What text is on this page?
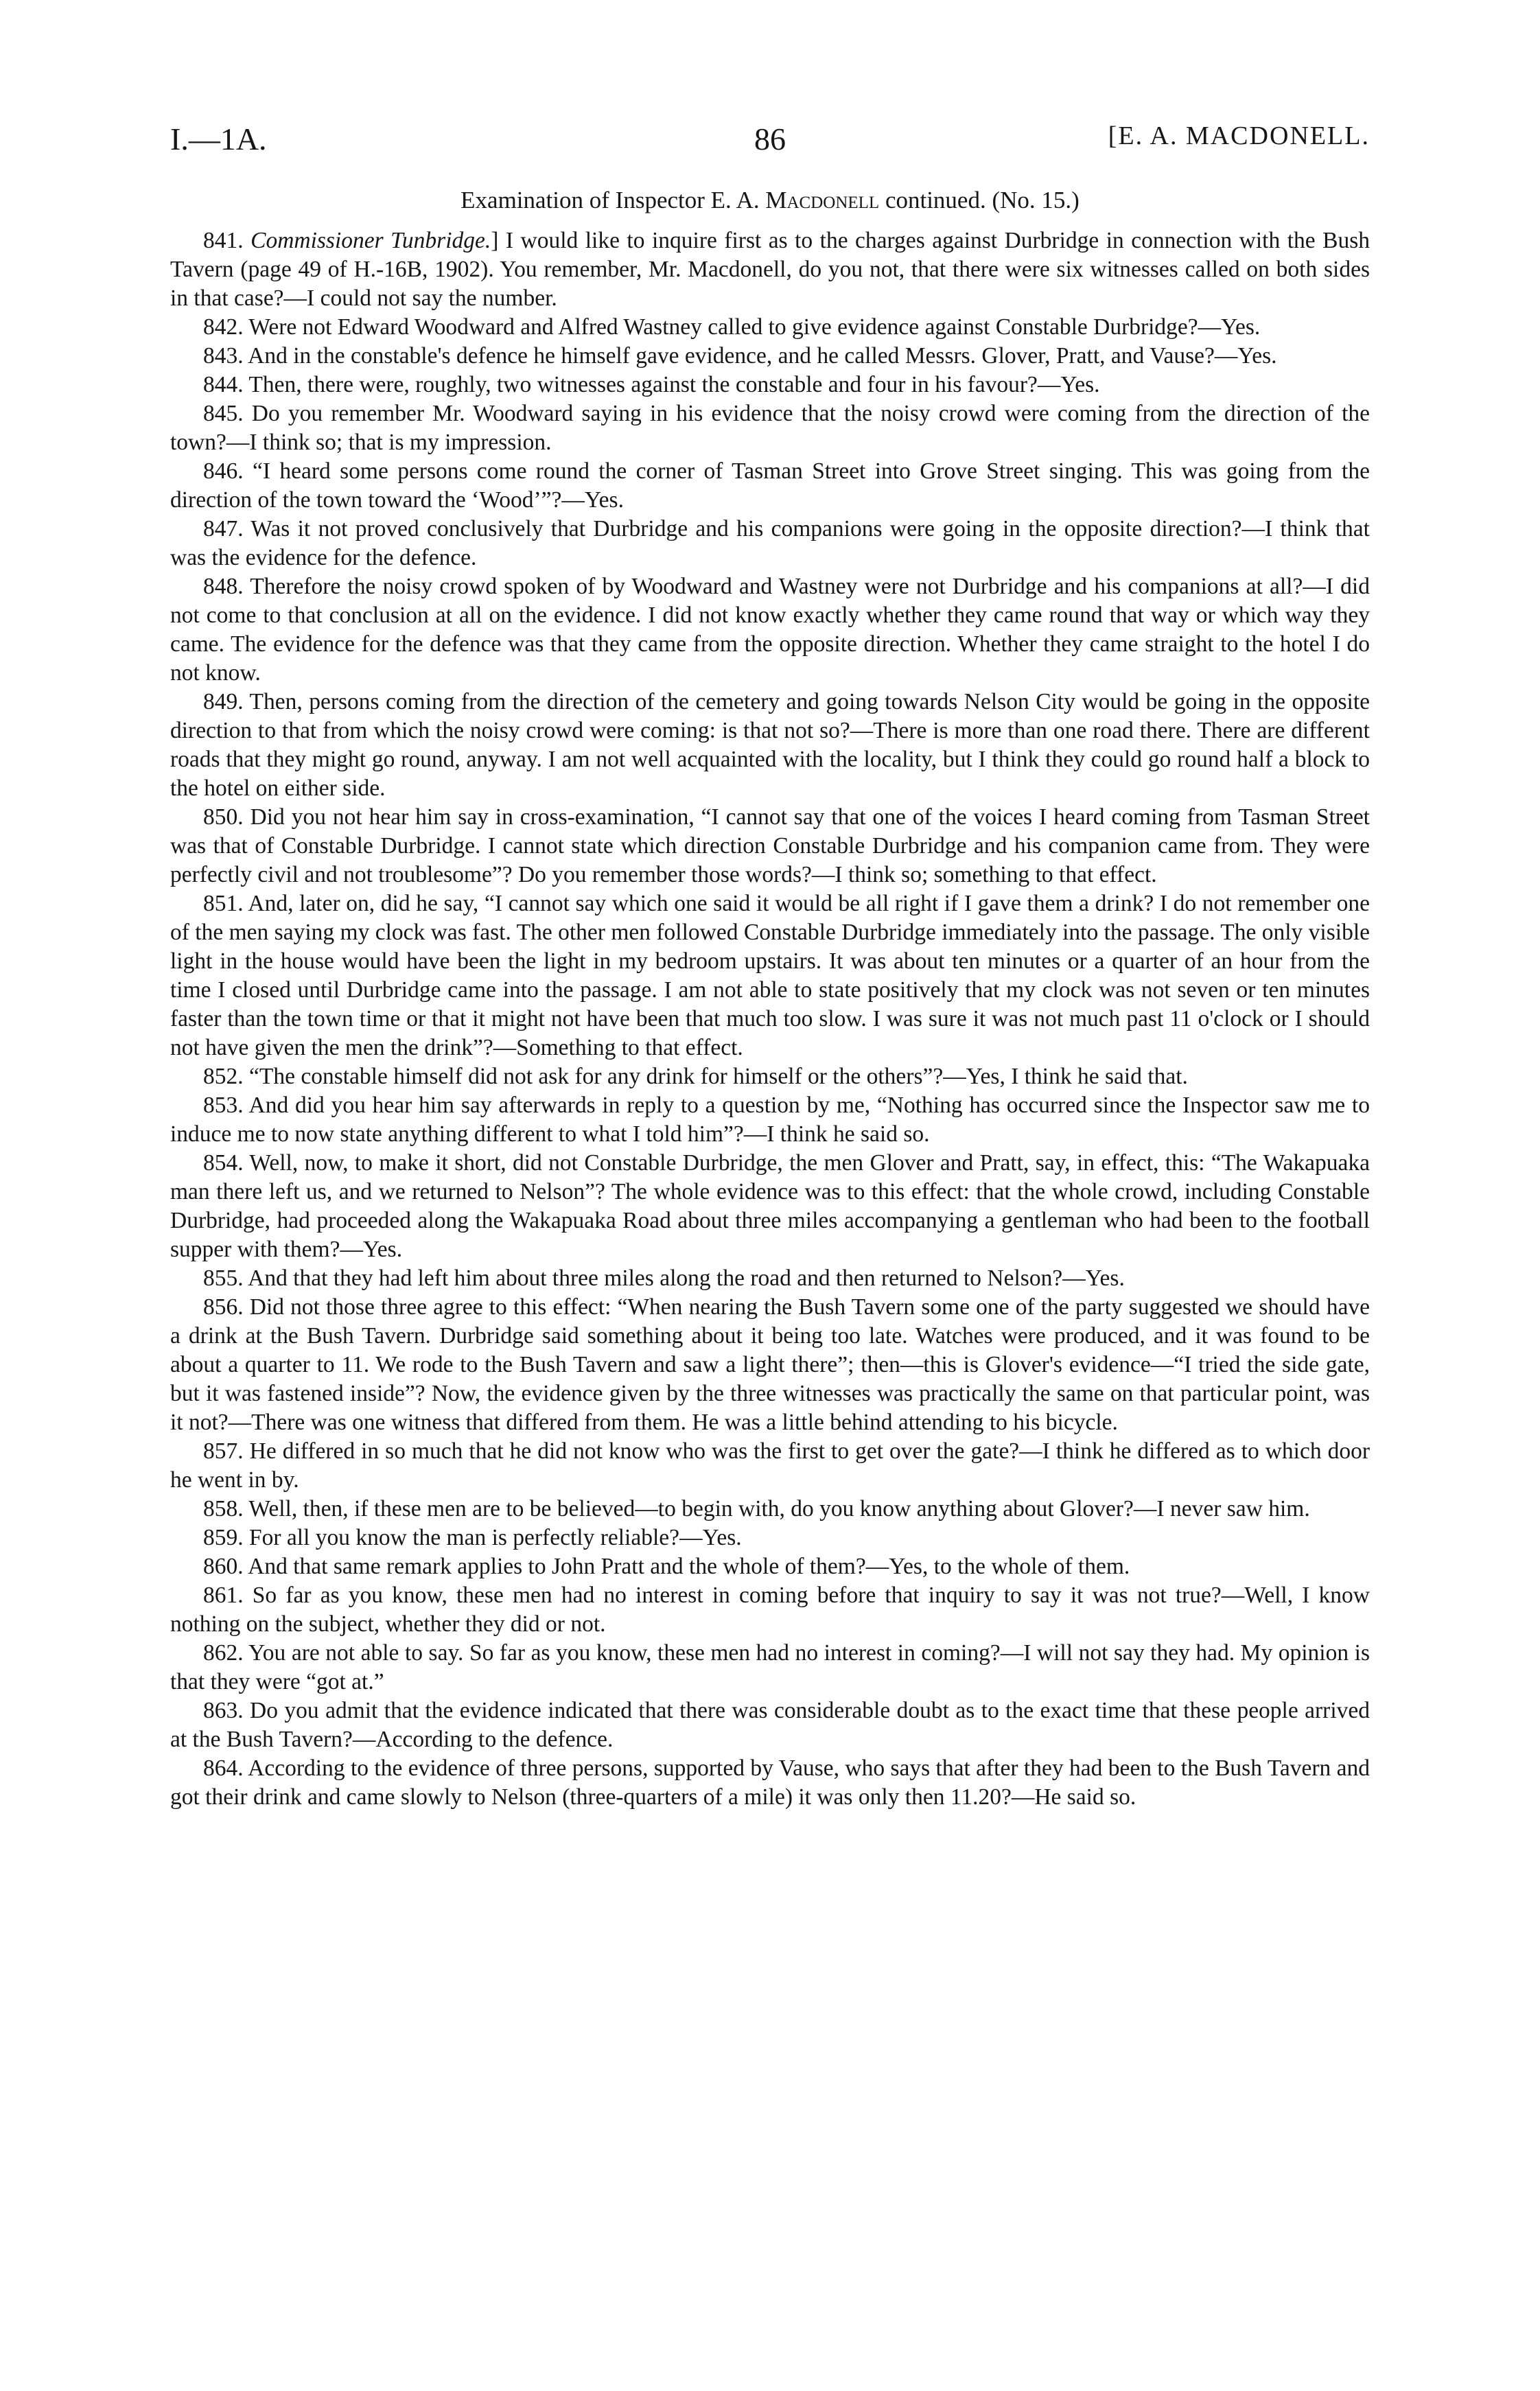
I.—1A.	86	[E. A. MACDONELL.
Examination of Inspector E. A. Macdonell continued. (No. 15.)

841. Commissioner Tunbridge.] I would like to inquire first as to the charges against Durbridge in connection with the Bush Tavern (page 49 of H.-16B, 1902). You remember, Mr. Macdonell, do you not, that there were six witnesses called on both sides in that case?—I could not say the number.

842. Were not Edward Woodward and Alfred Wastney called to give evidence against Constable Durbridge?—Yes.

843. And in the constable's defence he himself gave evidence, and he called Messrs. Glover, Pratt, and Vause?—Yes.

844. Then, there were, roughly, two witnesses against the constable and four in his favour?—Yes.

845. Do you remember Mr. Woodward saying in his evidence that the noisy crowd were coming from the direction of the town?—I think so; that is my impression.

846. “I heard some persons come round the corner of Tasman Street into Grove Street singing. This was going from the direction of the town toward the ‘Wood’”?—Yes.

847. Was it not proved conclusively that Durbridge and his companions were going in the opposite direction?—I think that was the evidence for the defence.

848. Therefore the noisy crowd spoken of by Woodward and Wastney were not Durbridge and his companions at all?—I did not come to that conclusion at all on the evidence. I did not know exactly whether they came round that way or which way they came. The evidence for the defence was that they came from the opposite direction. Whether they came straight to the hotel I do not know.

849. Then, persons coming from the direction of the cemetery and going towards Nelson City would be going in the opposite direction to that from which the noisy crowd were coming: is that not so?—There is more than one road there. There are different roads that they might go round, anyway. I am not well acquainted with the locality, but I think they could go round half a block to the hotel on either side.

850. Did you not hear him say in cross-examination, “I cannot say that one of the voices I heard coming from Tasman Street was that of Constable Durbridge. I cannot state which direction Constable Durbridge and his companion came from. They were perfectly civil and not troublesome”? Do you remember those words?—I think so; something to that effect.

851. And, later on, did he say, “I cannot say which one said it would be all right if I gave them a drink? I do not remember one of the men saying my clock was fast. The other men followed Constable Durbridge immediately into the passage. The only visible light in the house would have been the light in my bedroom upstairs. It was about ten minutes or a quarter of an hour from the time I closed until Durbridge came into the passage. I am not able to state positively that my clock was not seven or ten minutes faster than the town time or that it might not have been that much too slow. I was sure it was not much past 11 o'clock or I should not have given the men the drink”?—Something to that effect.

852. “The constable himself did not ask for any drink for himself or the others”?—Yes, I think he said that.

853. And did you hear him say afterwards in reply to a question by me, “Nothing has occurred since the Inspector saw me to induce me to now state anything different to what I told him”?—I think he said so.

854. Well, now, to make it short, did not Constable Durbridge, the men Glover and Pratt, say, in effect, this: “The Wakapuaka man there left us, and we returned to Nelson”? The whole evidence was to this effect: that the whole crowd, including Constable Durbridge, had proceeded along the Wakapuaka Road about three miles accompanying a gentleman who had been to the football supper with them?—Yes.

855. And that they had left him about three miles along the road and then returned to Nelson?—Yes.

856. Did not those three agree to this effect: “When nearing the Bush Tavern some one of the party suggested we should have a drink at the Bush Tavern. Durbridge said something about it being too late. Watches were produced, and it was found to be about a quarter to 11. We rode to the Bush Tavern and saw a light there”; then—this is Glover's evidence—“I tried the side gate, but it was fastened inside”? Now, the evidence given by the three witnesses was practically the same on that particular point, was it not?—There was one witness that differed from them. He was a little behind attending to his bicycle.

857. He differed in so much that he did not know who was the first to get over the gate?—I think he differed as to which door he went in by.

858. Well, then, if these men are to be believed—to begin with, do you know anything about Glover?—I never saw him.

859. For all you know the man is perfectly reliable?—Yes.

860. And that same remark applies to John Pratt and the whole of them?—Yes, to the whole of them.

861. So far as you know, these men had no interest in coming before that inquiry to say it was not true?—Well, I know nothing on the subject, whether they did or not.

862. You are not able to say. So far as you know, these men had no interest in coming?—I will not say they had. My opinion is that they were “got at.”

863. Do you admit that the evidence indicated that there was considerable doubt as to the exact time that these people arrived at the Bush Tavern?—According to the defence.

864. According to the evidence of three persons, supported by Vause, who says that after they had been to the Bush Tavern and got their drink and came slowly to Nelson (three-quarters of a mile) it was only then 11.20?—He said so.
